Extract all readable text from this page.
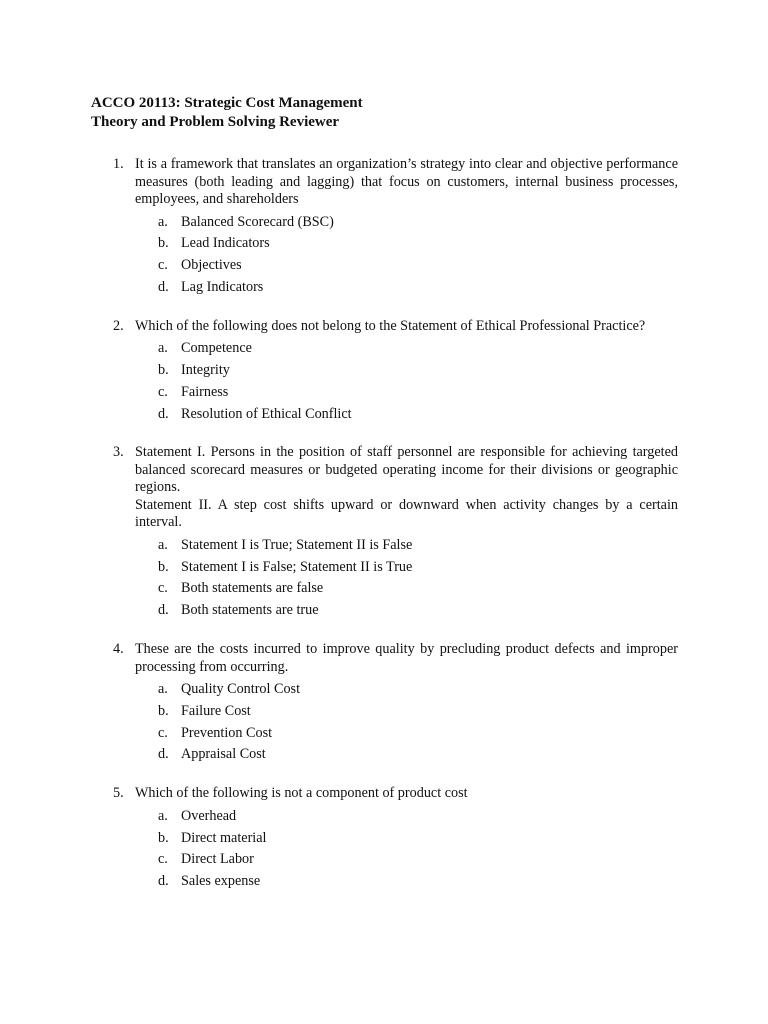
ACCO 20113: Strategic Cost Management
Theory and Problem Solving Reviewer
1. It is a framework that translates an organization’s strategy into clear and objective performance measures (both leading and lagging) that focus on customers, internal business processes, employees, and shareholders
a. Balanced Scorecard (BSC)
b. Lead Indicators
c. Objectives
d. Lag Indicators
2. Which of the following does not belong to the Statement of Ethical Professional Practice?
a. Competence
b. Integrity
c. Fairness
d. Resolution of Ethical Conflict
3. Statement I. Persons in the position of staff personnel are responsible for achieving targeted balanced scorecard measures or budgeted operating income for their divisions or geographic regions.
Statement II. A step cost shifts upward or downward when activity changes by a certain interval.
a. Statement I is True; Statement II is False
b. Statement I is False; Statement II is True
c. Both statements are false
d. Both statements are true
4. These are the costs incurred to improve quality by precluding product defects and improper processing from occurring.
a. Quality Control Cost
b. Failure Cost
c. Prevention Cost
d. Appraisal Cost
5. Which of the following is not a component of product cost
a. Overhead
b. Direct material
c. Direct Labor
d. Sales expense
